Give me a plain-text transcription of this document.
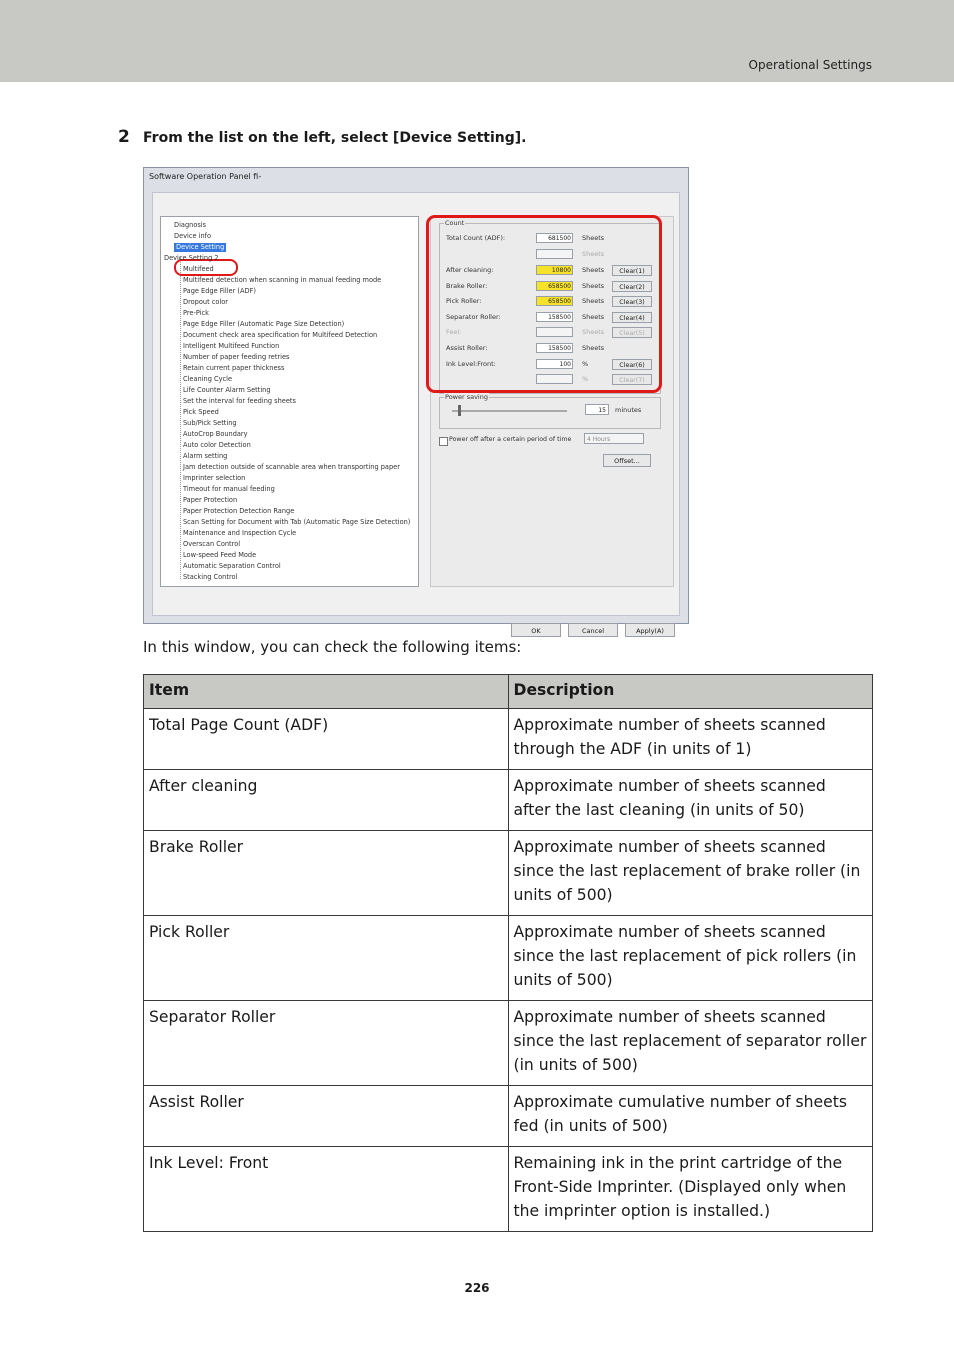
Operational Settings
2 From the list on the left, select [Device Setting].
Software Operation Panel fi-
Diagnosis
Device info
Device Setting
Device Setting 2
Multifeed
Multifeed detection when scanning in manual feeding mode
Page Edge Filler (ADF)
Dropout color
Pre-Pick
Page Edge Filler (Automatic Page Size Detection)
Document check area specification for Multifeed Detection
Intelligent Multifeed Function
Number of paper feeding retries
Retain current paper thickness
Cleaning Cycle
Life Counter Alarm Setting
Set the interval for feeding sheets
Pick Speed
Sub/Pick Setting
AutoCrop Boundary
Auto color Detection
Alarm setting
Jam detection outside of scannable area when transporting paper
Imprinter selection
Timeout for manual feeding
Paper Protection
Paper Protection Detection Range
Scan Setting for Document with Tab (Automatic Page Size Detection)
Maintenance and Inspection Cycle
Overscan Control
Low-speed Feed Mode
Automatic Separation Control
Stacking Control
Count
Total Count (ADF):	681500	Sheets
Sheets
After cleaning:	10800	Sheets	Clear(1)
Brake Roller:	658500	Sheets	Clear(2)
Pick Roller:	658500	Sheets	Clear(3)
Separator Roller:	158500	Sheets	Clear(4)
Feel:	Sheets	Clear(5)
Assist Roller:	158500	Sheets
Ink Level:Front:	100	%	Clear(6)
%	Clear(7)
Power saving
15	minutes
Power off after a certain period of time	4 Hours
Offset...
OK	Cancel	Apply(A)
In this window, you can check the following items:
Item	Description
Total Page Count (ADF)	Approximate number of sheets scanned through the ADF (in units of 1)
After cleaning	Approximate number of sheets scanned after the last cleaning (in units of 50)
Brake Roller	Approximate number of sheets scanned since the last replacement of brake roller (in units of 500)
Pick Roller	Approximate number of sheets scanned since the last replacement of pick rollers (in units of 500)
Separator Roller	Approximate number of sheets scanned since the last replacement of separator roller (in units of 500)
Assist Roller	Approximate cumulative number of sheets fed (in units of 500)
Ink Level: Front	Remaining ink in the print cartridge of the Front-Side Imprinter. (Displayed only when the imprinter option is installed.)
226
